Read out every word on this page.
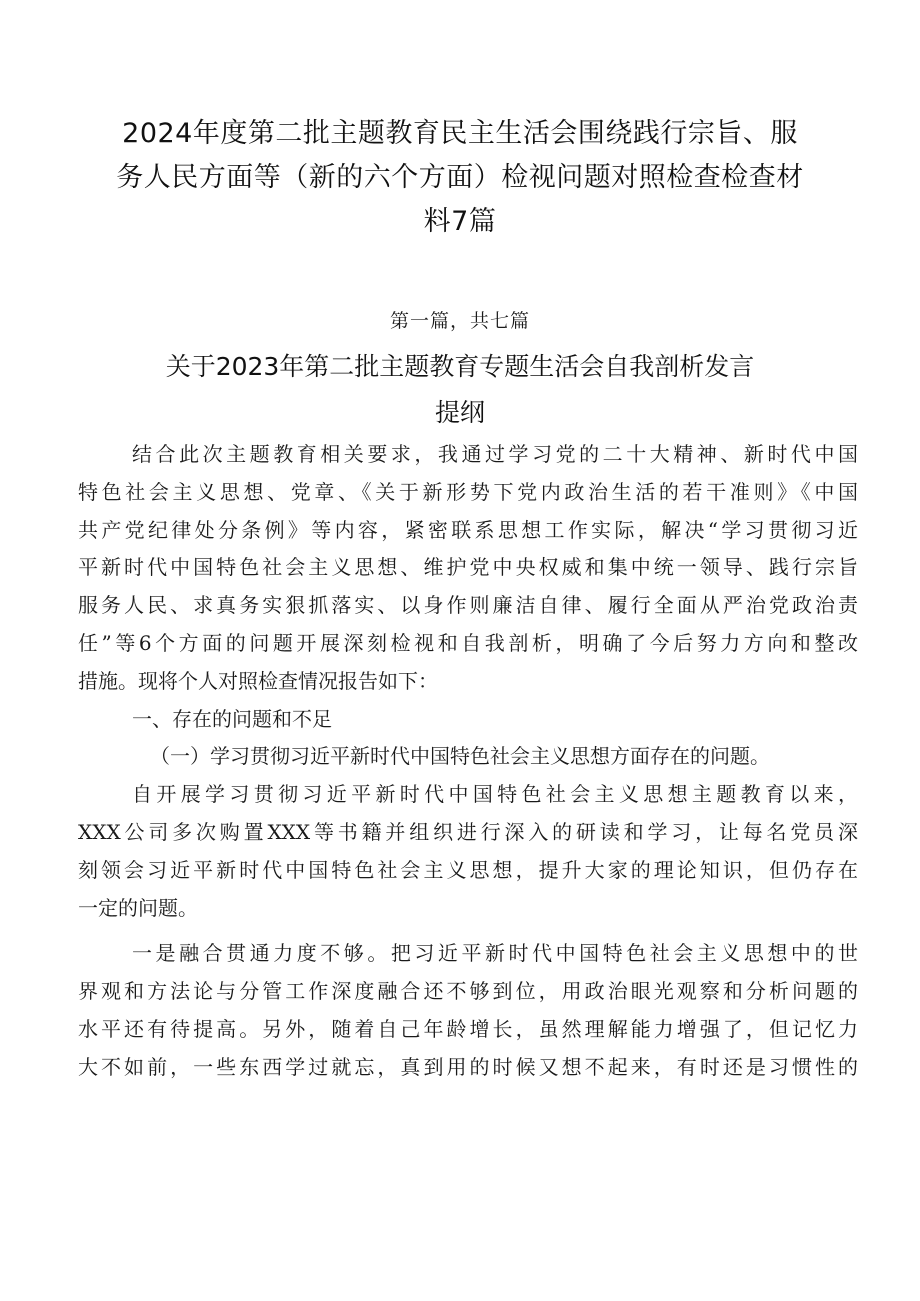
2024年度第二批主题教育民主生活会围绕践行宗旨、服
务人民方面等（新的六个方面）检视问题对照检查检查材
料7篇
第一篇，共七篇
关于2023年第二批主题教育专题生活会自我剖析发言
提纲
结合此次主题教育相关要求，我通过学习党的二十大精神、新时代中国
特色社会主义思想、党章、《关于新形势下党内政治生活的若干准则》《中国
共产党纪律处分条例》等内容，紧密联系思想工作实际，解决“学习贯彻习近
平新时代中国特色社会主义思想、维护党中央权威和集中统一领导、践行宗旨
服务人民、求真务实狠抓落实、以身作则廉洁自律、履行全面从严治党政治责
任”等6个方面的问题开展深刻检视和自我剖析，明确了今后努力方向和整改
措施。现将个人对照检查情况报告如下：
一、存在的问题和不足
（一）学习贯彻习近平新时代中国特色社会主义思想方面存在的问题。
自开展学习贯彻习近平新时代中国特色社会主义思想主题教育以来，
XXX公司多次购置XXX等书籍并组织进行深入的研读和学习，让每名党员深
刻领会习近平新时代中国特色社会主义思想，提升大家的理论知识，但仍存在
一定的问题。
一是融合贯通力度不够。把习近平新时代中国特色社会主义思想中的世
界观和方法论与分管工作深度融合还不够到位，用政治眼光观察和分析问题的
水平还有待提高。另外，随着自己年龄增长，虽然理解能力增强了，但记忆力
大不如前，一些东西学过就忘，真到用的时候又想不起来，有时还是习惯性的
